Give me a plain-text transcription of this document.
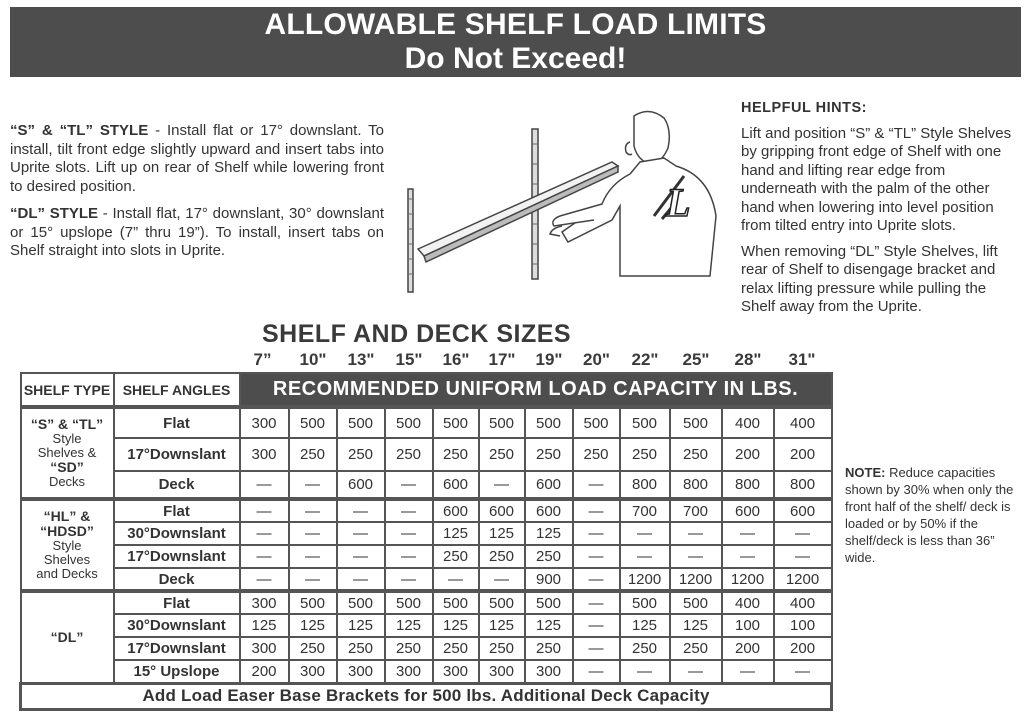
ALLOWABLE SHELF LOAD LIMITS
Do Not Exceed!

“S” & “TL” STYLE - Install flat or 17° downslant. To install, tilt front edge slightly upward and insert tabs into Uprite slots. Lift up on rear of Shelf while lowering front to desired position.

“DL” STYLE - Install flat, 17° downslant, 30° downslant or 15° upslope (7” thru 19”). To install, insert tabs on Shelf straight into slots in Uprite.

L
HELPFUL HINTS:

Lift and position “S” & “TL” Style Shelves by gripping front edge of Shelf with one hand and lifting rear edge from underneath with the palm of the other hand when lowering into level position from tilted entry into Uprite slots.

When removing “DL” Style Shelves, lift rear of Shelf to disengage bracket and relax lifting pressure while pulling the Shelf away from the Uprite.

SHELF AND DECK SIZES
7”	10"	13"	15"	16"	17"	19"	20"	22"	25"	28"	31"
SHELF TYPE	SHELF ANGLES	RECOMMENDED UNIFORM LOAD CAPACITY IN LBS.											
“S” & “TL”
Style
Shelves &
“SD”
Decks	Flat	300	500	500	500	500	500	500	500	500	500	400	400
	17°Downslant	300	250	250	250	250	250	250	250	250	250	200	200
	Deck	—	—	600	—	600	—	600	—	800	800	800	800
“HL” &
“HDSD”
Style
Shelves
and Decks	Flat	—	—	—	—	600	600	600	—	700	700	600	600
	30°Downslant	—	—	—	—	125	125	125	—	—	—	—	—
	17°Downslant	—	—	—	—	250	250	250	—	—	—	—	—
	Deck	—	—	—	—	—	—	900	—	1200	1200	1200	1200
“DL”	Flat	300	500	500	500	500	500	500	—	500	500	400	400
	30°Downslant	125	125	125	125	125	125	125	—	125	125	100	100
	17°Downslant	300	250	250	250	250	250	250	—	250	250	200	200
	15° Upslope	200	300	300	300	300	300	300	—	—	—	—	—
Add Load Easer Base Brackets for 500 lbs. Additional Deck Capacity													
NOTE: Reduce capacities shown by 30% when only the front half of the shelf/ deck is loaded or by 50% if the shelf/deck is less than 36” wide.
